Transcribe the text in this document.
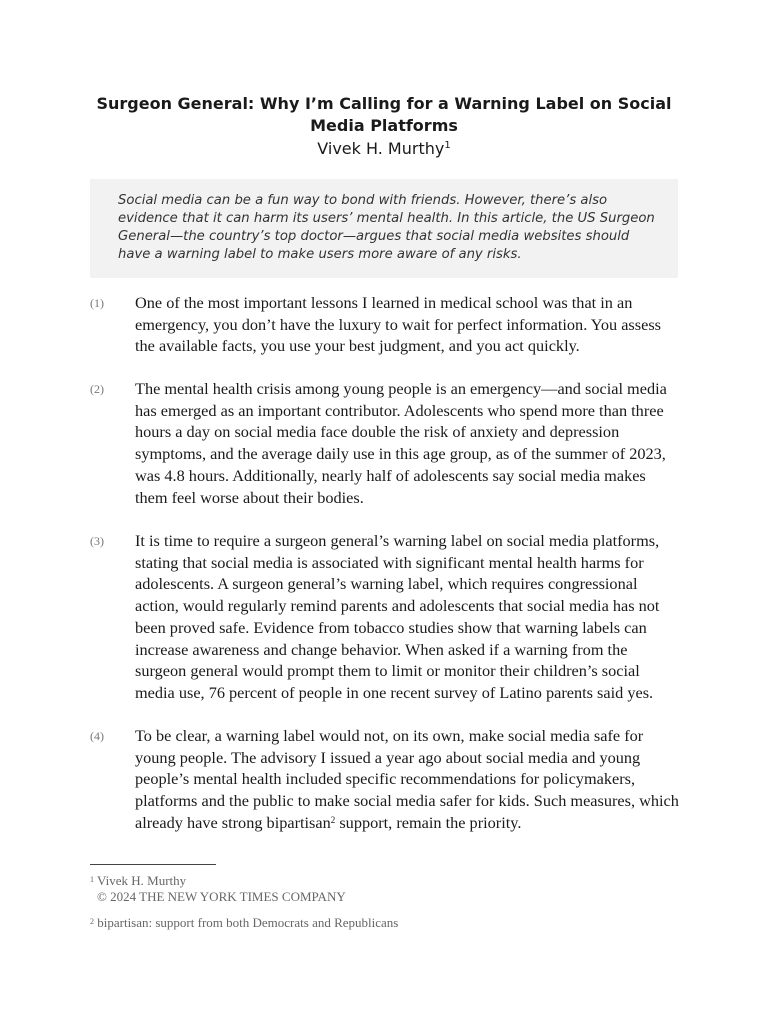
Surgeon General: Why I’m Calling for a Warning Label on Social Media Platforms

Vivek H. Murthy$^1$

Social media can be a fun way to bond with friends. However, there’s also evidence that it can harm its users’ mental health. In this article, the US Surgeon General—the country’s top doctor—argues that social media websites should have a warning label to make users more aware of any risks.
(1) One of the most important lessons I learned in medical school was that in an emergency, you don’t have the luxury to wait for perfect information. You assess the available facts, you use your best judgment, and you act quickly.
(2) The mental health crisis among young people is an emergency—and social media has emerged as an important contributor. Adolescents who spend more than three hours a day on social media face double the risk of anxiety and depression symptoms, and the average daily use in this age group, as of the summer of 2023, was 4.8 hours. Additionally, nearly half of adolescents say social media makes them feel worse about their bodies.
(3) It is time to require a surgeon general’s warning label on social media platforms, stating that social media is associated with significant mental health harms for adolescents. A surgeon general’s warning label, which requires congressional action, would regularly remind parents and adolescents that social media has not been proved safe. Evidence from tobacco studies show that warning labels can increase awareness and change behavior. When asked if a warning from the surgeon general would prompt them to limit or monitor their children’s social media use, 76 percent of people in one recent survey of Latino parents said yes.
(4) To be clear, a warning label would not, on its own, make social media safe for young people. The advisory I issued a year ago about social media and young people’s mental health included specific recommendations for policymakers, platforms and the public to make social media safer for kids. Such measures, which already have strong bipartisan$^2$ support, remain the priority.
$^1$ Vivek H. Murthy
© 2024 THE NEW YORK TIMES COMPANY
$^2$ bipartisan: support from both Democrats and Republicans
